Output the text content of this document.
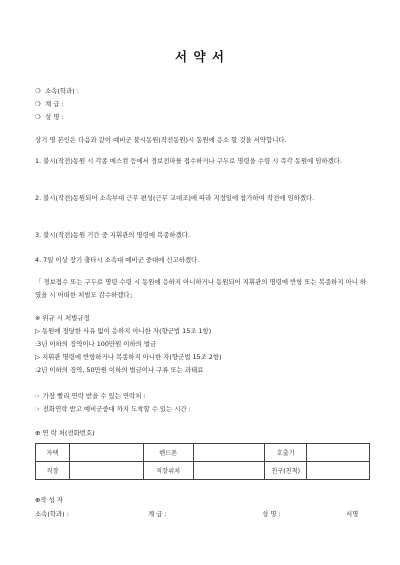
서 약 서
❍ 소속(학과) :
❍ 계 급 :
❍ 성 명 :
상기 명 본인은 다음과 같이 예비군 불시동원(작전동원)시 동원에 응소 할 것을 서약합니다.
1. 불시(작전)동원 시 각종 매스컴 등에서 경보전파를 접수하거나 구두로 명령을 수령 시 즉각 동원에 임하겠다.
2. 불시(작전)동원되어 소속부대 근무 편성(근무 교대조)에 따라 지정일에 참가하여 작전에 임하겠다.
3. 불시(작전)동원 기간 중 지휘관의 명령에 복종하겠다.
4. 7일 이상 장기 출타시 소속대 예비군 중대에 신고하겠다.
「 경보접수 또는 구두로 명령 수령 시 동원에 응하지 아니하거나 동원되어 지휘관의 명령에 반항 또는 복종하지 아니 하였을 시 어떠한 처벌도 감수하겠다」
※ 위규 시 처벌규정
▷ 동원에 정당한 사유 없이 응하지 아니한 자(향군법 15조 1항)
:3년 이하의 징역이나 100만원 이하의 벌금
▷ 지휘관 명령에 반항하거나 복종하지 아니한 자(향군법 15조 2항)
:2년 이하의 징역, 50만원 이하의 벌금이나 구류 또는 과태료
☞ 가장 빨리 연락 받을 수 있는 연락처 :
☞ 전화연락 받고 예비군중대 까지 도착할 수 있는 시간 :
⊕ 연 락 처(전화번호)
자택		핸드폰		호출기	
직장		직장위치		친구(친척)	
⊕작 성 자
소속(학과) :	계 급 :	성 명 :	서명
